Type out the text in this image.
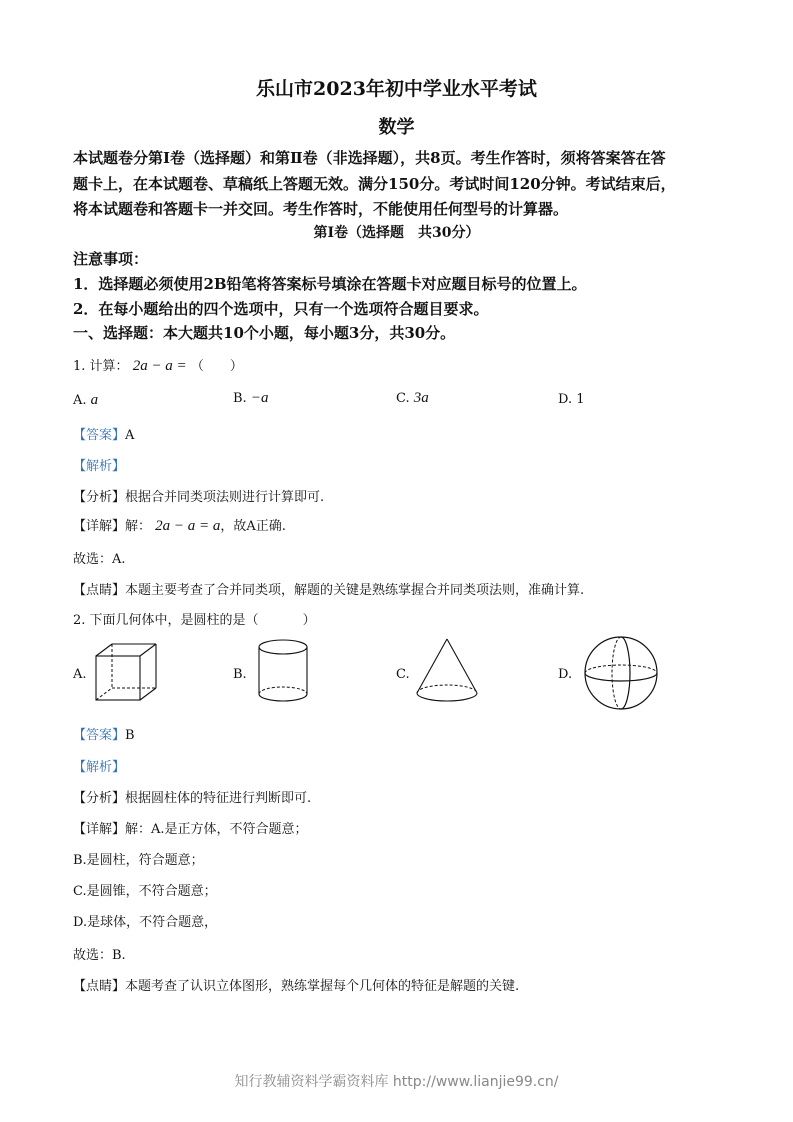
乐山市2023年初中学业水平考试
数学
本试题卷分第Ⅰ卷（选择题）和第Ⅱ卷（非选择题），共8页。考生作答时，须将答案答在答
题卡上，在本试题卷、草稿纸上答题无效。满分150分。考试时间120分钟。考试结束后，
将本试题卷和答题卡一并交回。考生作答时，不能使用任何型号的计算器。
第Ⅰ卷（选择题　共30分）
注意事项：
1．选择题必须使用2B铅笔将答案标号填涂在答题卡对应题目标号的位置上。
2．在每小题给出的四个选项中，只有一个选项符合题目要求。
一、选择题：本大题共10个小题，每小题3分，共30分。
1. 计算： 2a − a = （ ）
A. a	B. −a	C. 3a	D. 1
【答案】A
【解析】
【分析】根据合并同类项法则进行计算即可.
【详解】解： 2a − a = a，故A正确.
故选：A.
【点睛】本题主要考查了合并同类项，解题的关键是熟练掌握合并同类项法则，准确计算.
2. 下面几何体中，是圆柱的是（	）
A.	B.	C.	D.
【答案】B
【解析】
【分析】根据圆柱体的特征进行判断即可.
【详解】解：A.是正方体，不符合题意；
B.是圆柱，符合题意；
C.是圆锥，不符合题意；
D.是球体，不符合题意，
故选：B.
【点睛】本题考查了认识立体图形，熟练掌握每个几何体的特征是解题的关键.
知行教辅资料学霸资料库 http://www.lianjie99.cn/
